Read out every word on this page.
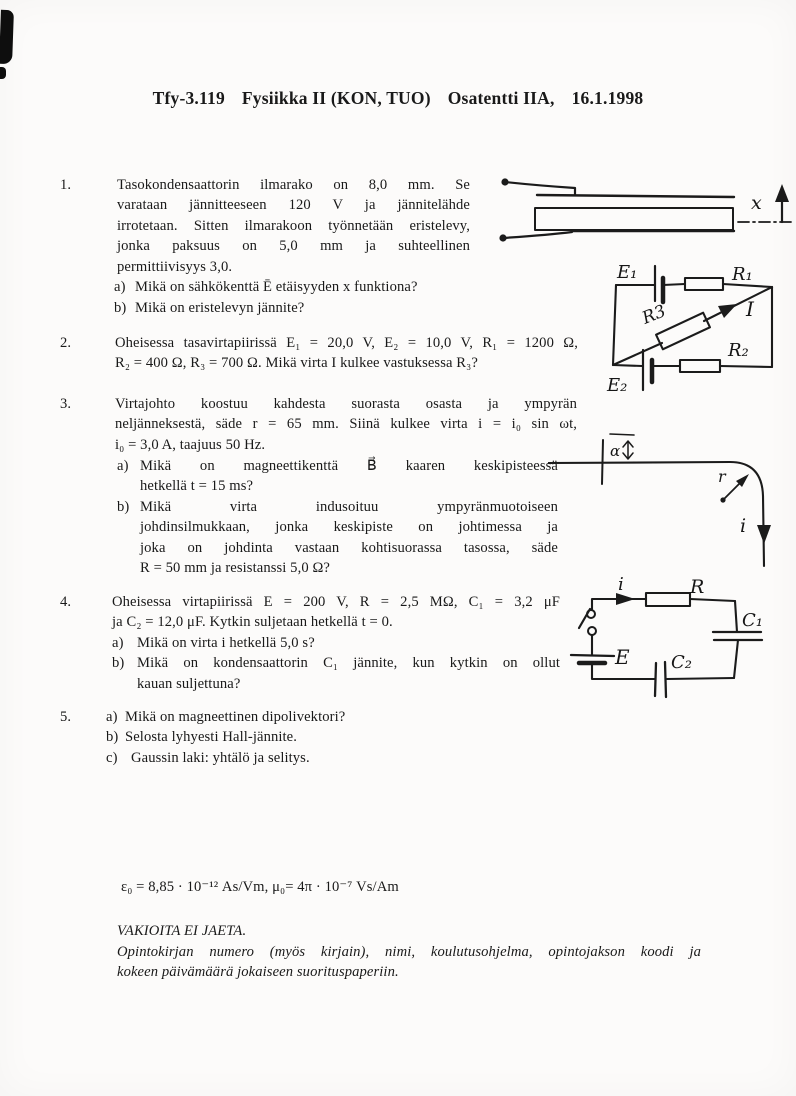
Tfy-3.119 Fysiikka II (KON, TUO) Osatentti IIA, 16.1.1998
1.	Tasokondensaattorin ilmarako on 8,0 mm. Se
varataan jännitteeseen 120 V ja jännitelähde
irrotetaan. Sitten ilmarakoon työnnetään eristelevy,
jonka paksuus on 5,0 mm ja suhteellinen
permittiivisyys 3,0.
a) Mikä on sähkökenttä Ē etäisyyden x funktiona?
b) Mikä on eristelevyn jännite?
2.	Oheisessa tasavirtapiirissä E₁ = 20,0 V, E₂ = 10,0 V, R₁ = 1200 Ω,
R₂ = 400 Ω, R₃ = 700 Ω. Mikä virta I kulkee vastuksessa R₃?
3.	Virtajohto koostuu kahdesta suorasta osasta ja ympyrän
neljänneksestä, säde r = 65 mm. Siinä kulkee virta i = i₀ sin ωt,
i₀ = 3,0 A, taajuus 50 Hz.
a) Mikä on magneettikenttä B⃗ kaaren keskipisteessä
hetkellä t = 15 ms?
b) Mikä virta indusoituu ympyränmuotoiseen
johdinsilmukkaan, jonka keskipiste on johtimessa ja
joka on johdinta vastaan kohtisuorassa tasossa, säde
R = 50 mm ja resistanssi 5,0 Ω?
4.	Oheisessa virtapiirissä E = 200 V, R = 2,5 MΩ, C₁ = 3,2 μF
ja C₂ = 12,0 μF. Kytkin suljetaan hetkellä t = 0.
a) Mikä on virta i hetkellä 5,0 s?
b) Mikä on kondensaattorin C₁ jännite, kun kytkin on ollut
kauan suljettuna?
5. a) Mikä on magneettinen dipolivektori?
b) Selosta lyhyesti Hall-jännite.
c) Gaussin laki: yhtälö ja selitys.
ε₀ = 8,85 · 10⁻¹² As/Vm, μ₀= 4π · 10⁻⁷ Vs/Am
VAKIOITA EI JAETA.
Opintokirjan numero (myös kirjain), nimi, koulutusohjelma, opintojakson koodi ja
kokeen päivämäärä jokaiseen suorituspaperiin.
x
E₁	R₁
R3	I
E₂
R₂
α
i
r
i	R
C₁
E C₂
